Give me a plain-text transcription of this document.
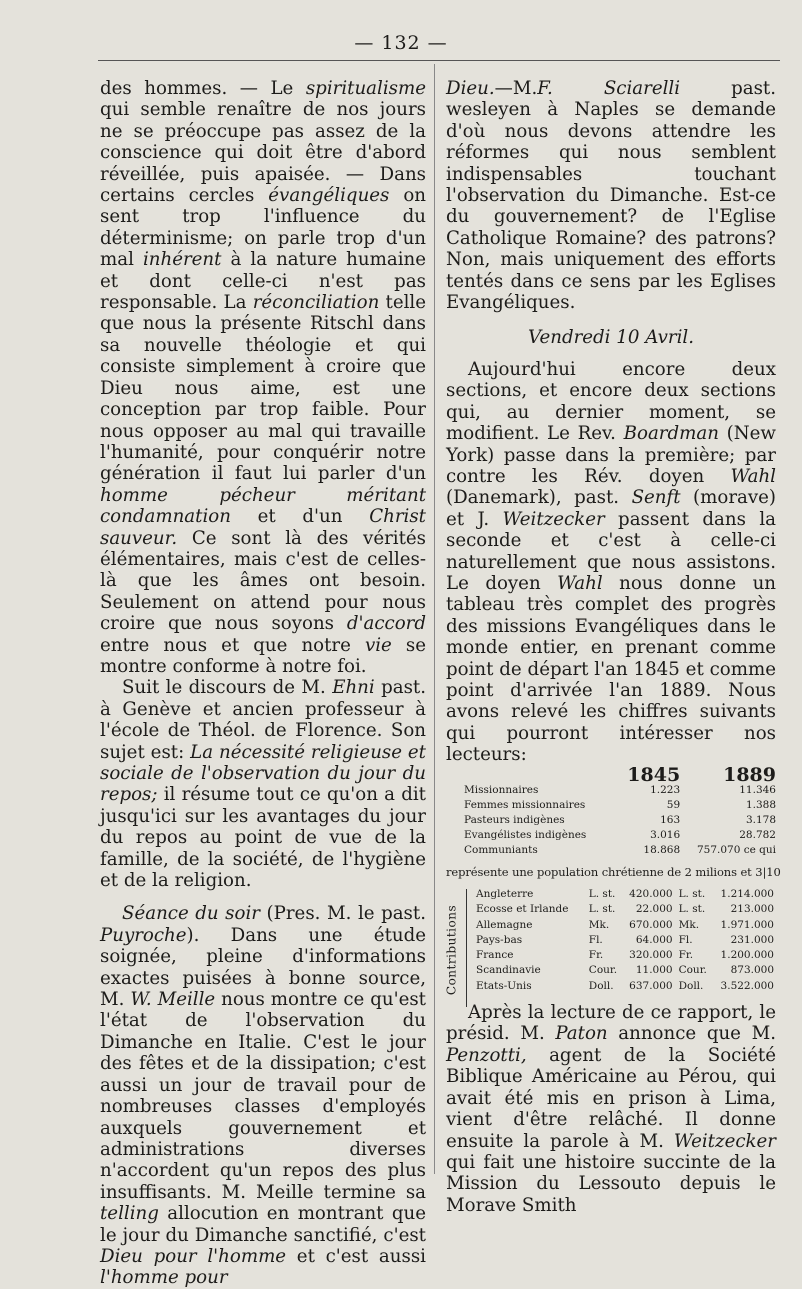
— 132 —

des hommes. — Le spiritualisme qui semble renaître de nos jours ne se préoccupe pas assez de la conscience qui doit être d'abord réveillée, puis apaisée. — Dans certains cercles évangéliques on sent trop l'influence du déterminisme; on parle trop d'un mal inhérent à la nature humaine et dont celle-ci n'est pas responsable. La réconciliation telle que nous la présente Ritschl dans sa nouvelle théologie et qui consiste simplement à croire que Dieu nous aime, est une conception par trop faible. Pour nous opposer au mal qui travaille l'humanité, pour conquérir notre génération il faut lui parler d'un homme pécheur méritant condamnation et d'un Christ sauveur. Ce sont là des vérités élémentaires, mais c'est de celles-là que les âmes ont besoin. Seulement on attend pour nous croire que nous soyons d'accord entre nous et que notre vie se montre conforme à notre foi.

Suit le discours de M. Ehni past. à Genève et ancien professeur à l'école de Théol. de Florence. Son sujet est: La nécessité religieuse et sociale de l'observation du jour du repos; il résume tout ce qu'on a dit jusqu'ici sur les avantages du jour du repos au point de vue de la famille, de la société, de l'hygiène et de la religion.

Séance du soir (Pres. M. le past. Puyroche). Dans une étude soignée, pleine d'informations exactes puisées à bonne source, M. W. Meille nous montre ce qu'est l'état de l'observation du Dimanche en Italie. C'est le jour des fêtes et de la dissipation; c'est aussi un jour de travail pour de nombreuses classes d'employés auxquels gouvernement et administrations diverses n'accordent qu'un repos des plus insuffisants. M. Meille termine sa telling allocution en montrant que le jour du Dimanche sanctifié, c'est Dieu pour l'homme et c'est aussi l'homme pour

Dieu.—M.F. Sciarelli past. wesleyen à Naples se demande d'où nous devons attendre les réformes qui nous semblent indispensables touchant l'observation du Dimanche. Est-ce du gouvernement? de l'Eglise Catholique Romaine? des patrons? Non, mais uniquement des efforts tentés dans ce sens par les Eglises Evangéliques.

Vendredi 10 Avril.

Aujourd'hui encore deux sections, et encore deux sections qui, au dernier moment, se modifient. Le Rev. Boardman (New York) passe dans la première; par contre les Rév. doyen Wahl (Danemark), past. Senft (morave) et J. Weitzecker passent dans la seconde et c'est à celle-ci naturellement que nous assistons. Le doyen Wahl nous donne un tableau très complet des progrès des missions Evangéliques dans le monde entier, en prenant comme point de départ l'an 1845 et comme point d'arrivée l'an 1889. Nous avons relevé les chiffres suivants qui pourront intéresser nos lecteurs:

	1845	1889
Missionnaires	1.223	11.346
Femmes missionnaires	59	1.388
Pasteurs indigènes	163	3.178
Evangélistes indigènes	3.016	28.782
Communiants	18.868	757.070 ce qui
représente une population chrétienne de 2 milions et 3|10
Contributions
Angleterre	L. st.	420.000	L. st.	1.214.000
Ecosse et Irlande	L. st.	22.000	L. st.	213.000
Allemagne	Mk.	670.000	Mk.	1.971.000
Pays-bas	Fl.	64.000	Fl.	231.000
France	Fr.	320.000	Fr.	1.200.000
Scandinavie	Cour.	11.000	Cour.	873.000
Etats-Unis	Doll.	637.000	Doll.	3.522.000

Après la lecture de ce rapport, le présid. M. Paton annonce que M. Penzotti, agent de la Société Biblique Américaine au Pérou, qui avait été mis en prison à Lima, vient d'être relâché. Il donne ensuite la parole à M. Weitzecker qui fait une histoire succinte de la Mission du Lessouto depuis le Morave Smith
